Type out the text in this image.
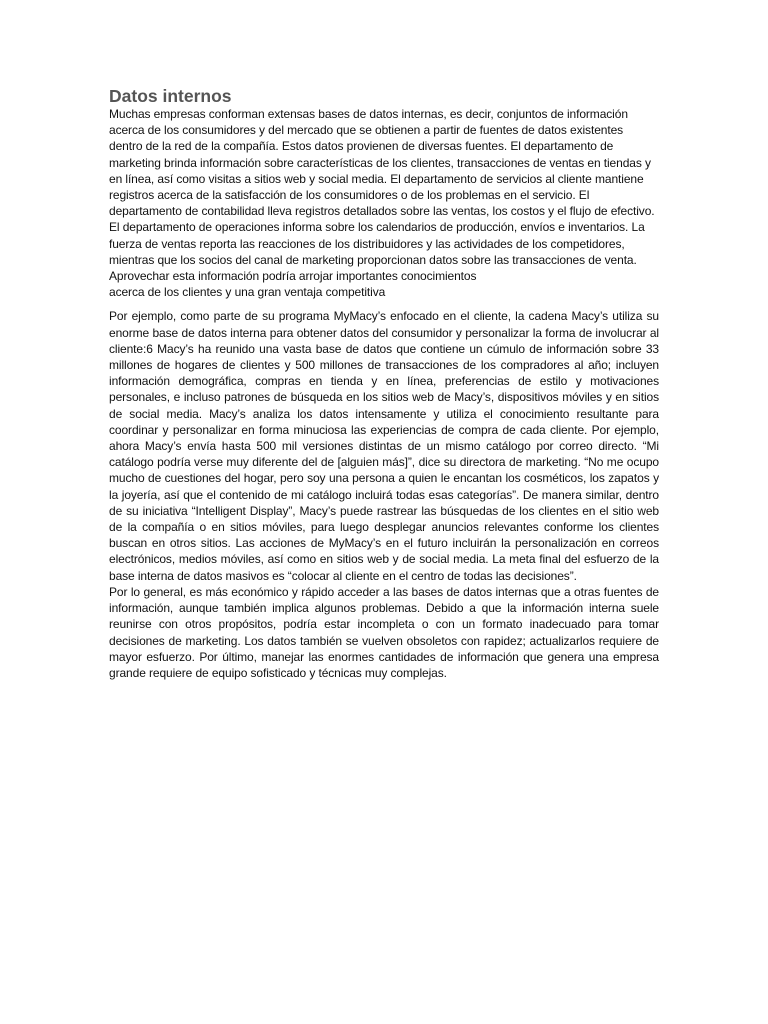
Datos internos

Muchas empresas conforman extensas bases de datos internas, es decir, conjuntos de información acerca de los consumidores y del mercado que se obtienen a partir de fuentes de datos existentes dentro de la red de la compañía. Estos datos provienen de diversas fuentes. El departamento de marketing brinda información sobre características de los clientes, transacciones de ventas en tiendas y en línea, así como visitas a sitios web y social media. El departamento de servicios al cliente mantiene registros acerca de la satisfacción de los consumidores o de los problemas en el servicio. El departamento de contabilidad lleva registros detallados sobre las ventas, los costos y el flujo de efectivo. El departamento de operaciones informa sobre los calendarios de producción, envíos e inventarios. La fuerza de ventas reporta las reacciones de los distribuidores y las actividades de los competidores, mientras que los socios del canal de marketing proporcionan datos sobre las transacciones de venta. Aprovechar esta información podría arrojar importantes conocimientos
acerca de los clientes y una gran ventaja competitiva

Por ejemplo, como parte de su programa MyMacy’s enfocado en el cliente, la cadena Macy’s utiliza su enorme base de datos interna para obtener datos del consumidor y personalizar la forma de involucrar al cliente:6 Macy’s ha reunido una vasta base de datos que contiene un cúmulo de información sobre 33 millones de hogares de clientes y 500 millones de transacciones de los compradores al año; incluyen información demográfica, compras en tienda y en línea, preferencias de estilo y motivaciones personales, e incluso patrones de búsqueda en los sitios web de Macy’s, dispositivos móviles y en sitios de social media. Macy’s analiza los datos intensamente y utiliza el conocimiento resultante para coordinar y personalizar en forma minuciosa las experiencias de compra de cada cliente. Por ejemplo, ahora Macy’s envía hasta 500 mil versiones distintas de un mismo catálogo por correo directo. “Mi catálogo podría verse muy diferente del de [alguien más]”, dice su directora de marketing. “No me ocupo mucho de cuestiones del hogar, pero soy una persona a quien le encantan los cosméticos, los zapatos y la joyería, así que el contenido de mi catálogo incluirá todas esas categorías”. De manera similar, dentro de su iniciativa “Intelligent Display”, Macy’s puede rastrear las búsquedas de los clientes en el sitio web de la compañía o en sitios móviles, para luego desplegar anuncios relevantes conforme los clientes buscan en otros sitios. Las acciones de MyMacy’s en el futuro incluirán la personalización en correos electrónicos, medios móviles, así como en sitios web y de social media. La meta final del esfuerzo de la base interna de datos masivos es “colocar al cliente en el centro de todas las decisiones”.

Por lo general, es más económico y rápido acceder a las bases de datos internas que a otras fuentes de información, aunque también implica algunos problemas. Debido a que la información interna suele reunirse con otros propósitos, podría estar incompleta o con un formato inadecuado para tomar decisiones de marketing. Los datos también se vuelven obsoletos con rapidez; actualizarlos requiere de mayor esfuerzo. Por último, manejar las enormes cantidades de información que genera una empresa grande requiere de equipo sofisticado y técnicas muy complejas.
